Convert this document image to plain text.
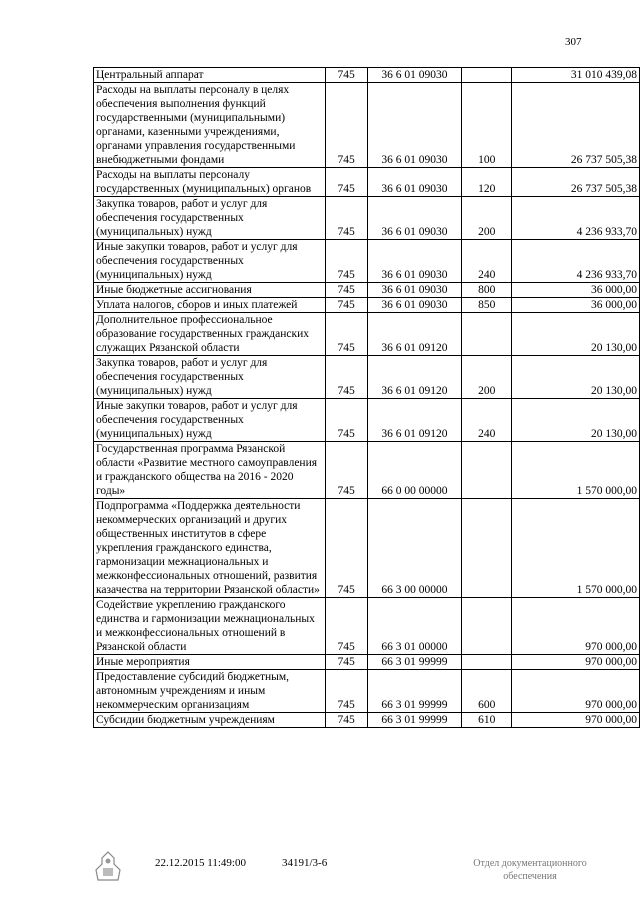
307
Центральный аппарат	745	36 6 01 09030		31 010 439,08
Расходы на выплаты персоналу в целях обеспечения выполнения функций государственными (муниципальными) органами, казенными учреждениями, органами управления государственными внебюджетными фондами	745	36 6 01 09030	100	26 737 505,38
Расходы на выплаты персоналу государственных (муниципальных) органов	745	36 6 01 09030	120	26 737 505,38
Закупка товаров, работ и услуг для обеспечения государственных (муниципальных) нужд	745	36 6 01 09030	200	4 236 933,70
Иные закупки товаров, работ и услуг для обеспечения государственных (муниципальных) нужд	745	36 6 01 09030	240	4 236 933,70
Иные бюджетные ассигнования	745	36 6 01 09030	800	36 000,00
Уплата налогов, сборов и иных платежей	745	36 6 01 09030	850	36 000,00
Дополнительное профессиональное образование государственных гражданских служащих Рязанской области	745	36 6 01 09120		20 130,00
Закупка товаров, работ и услуг для обеспечения государственных (муниципальных) нужд	745	36 6 01 09120	200	20 130,00
Иные закупки товаров, работ и услуг для обеспечения государственных (муниципальных) нужд	745	36 6 01 09120	240	20 130,00
Государственная программа Рязанской области «Развитие местного самоуправления и гражданского общества на 2016 - 2020 годы»	745	66 0 00 00000		1 570 000,00
Подпрограмма «Поддержка деятельности некоммерческих организаций и других общественных институтов в сфере укрепления гражданского единства, гармонизации межнациональных и межконфессиональных отношений, развития казачества на территории Рязанской области»	745	66 3 00 00000		1 570 000,00
Содействие укреплению гражданского единства и гармонизации межнациональных и межконфессиональных отношений в Рязанской области	745	66 3 01 00000		970 000,00
Иные мероприятия	745	66 3 01 99999		970 000,00
Предоставление субсидий бюджетным, автономным учреждениям и иным некоммерческим организациям	745	66 3 01 99999	600	970 000,00
Субсидии бюджетным учреждениям	745	66 3 01 99999	610	970 000,00
22.12.2015 11:49:00	34191/3-6	Отдел документационного
обеспечения
